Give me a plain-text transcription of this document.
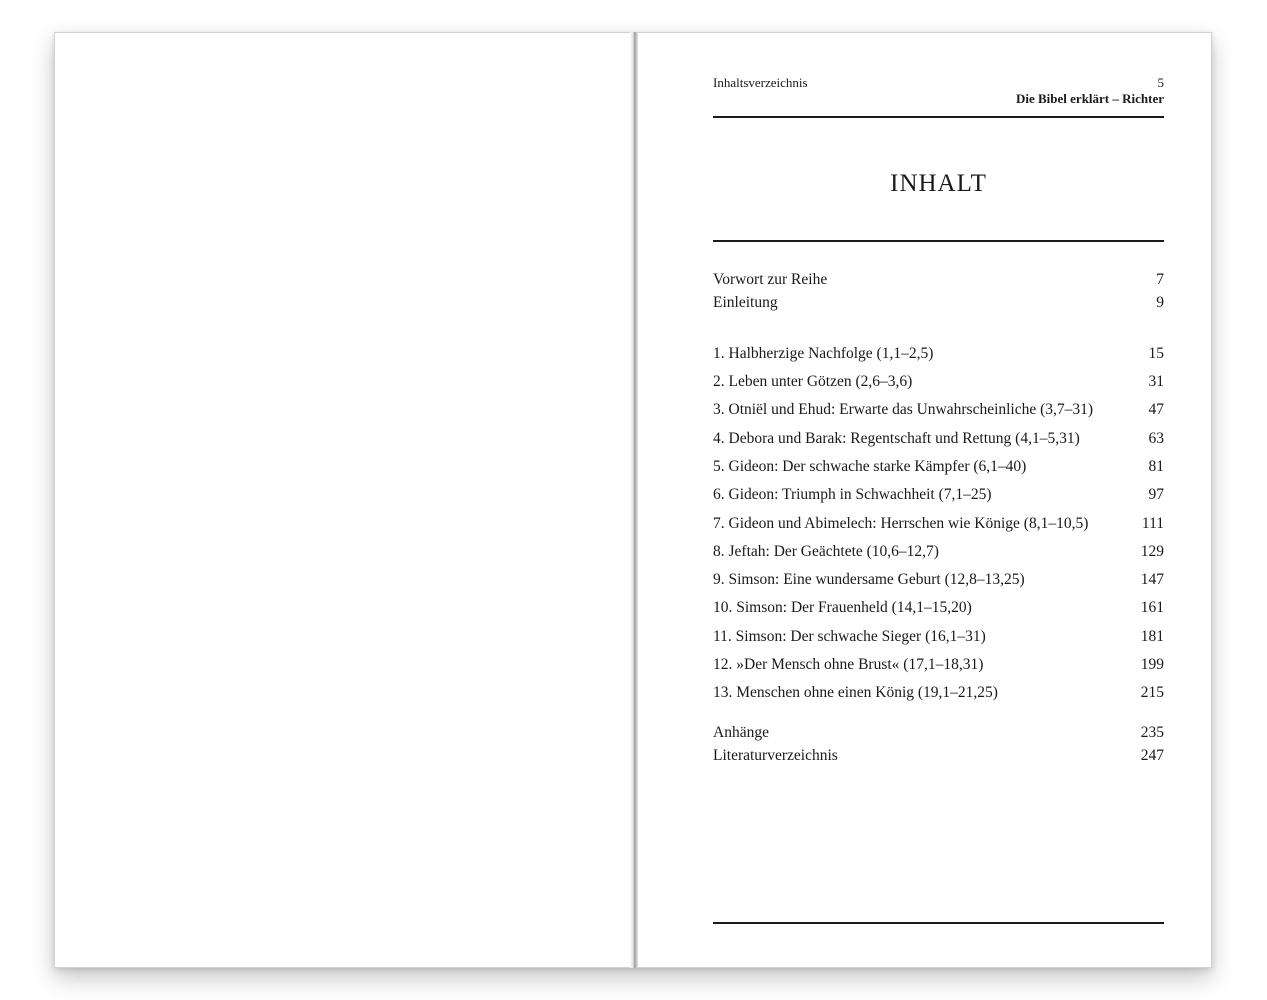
Inhaltsverzeichnis	5
Die Bibel erklärt – Richter
INHALT
Vorwort zur Reihe	7
Einleitung	9
1. Halbherzige Nachfolge (1,1–2,5)	15
2. Leben unter Götzen (2,6–3,6)	31
3. Otniël und Ehud: Erwarte das Unwahrscheinliche (3,7–31)	47
4. Debora und Barak: Regentschaft und Rettung (4,1–5,31)	63
5. Gideon: Der schwache starke Kämpfer (6,1–40)	81
6. Gideon: Triumph in Schwachheit (7,1–25)	97
7. Gideon und Abimelech: Herrschen wie Könige (8,1–10,5)	111
8. Jeftah: Der Geächtete (10,6–12,7)	129
9. Simson: Eine wundersame Geburt (12,8–13,25)	147
10. Simson: Der Frauenheld (14,1–15,20)	161
11. Simson: Der schwache Sieger (16,1–31)	181
12. »Der Mensch ohne Brust« (17,1–18,31)	199
13. Menschen ohne einen König (19,1–21,25)	215
Anhänge	235
Literaturverzeichnis	247
